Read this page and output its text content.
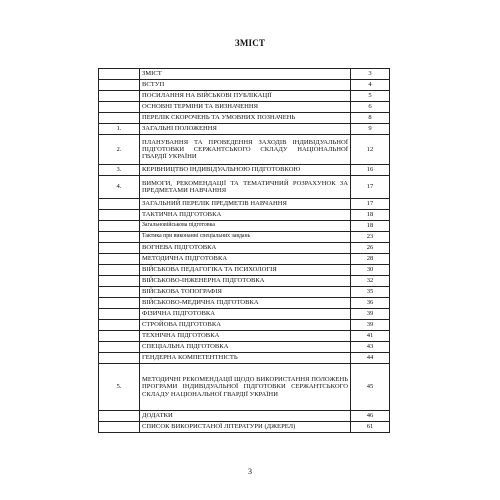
ЗМІСТ
	ЗМІСТ	3
	ВСТУП	4
	ПОСИЛАННЯ НА ВІЙСЬКОВІ ПУБЛІКАЦІЇ	5
	ОСНОВНІ ТЕРМІНИ ТА ВИЗНАЧЕННЯ	6
	ПЕРЕЛІК СКОРОЧЕНЬ ТА УМОВНИХ ПОЗНАЧЕНЬ	8
1.	ЗАГАЛЬНІ ПОЛОЖЕННЯ	9
2.	ПЛАНУВАННЯ ТА ПРОВЕДЕННЯ ЗАХОДІВ ІНДИВІДУАЛЬНОЇ ПІДГОТОВКИ СЕРЖАНТСЬКОГО СКЛАДУ НАЦІОНАЛЬНОЇ ГВАРДІЇ УКРАЇНИ	12
3.	КЕРІВНИЦТВО ІНДИВІДУАЛЬНОЮ ПІДГОТОВКОЮ	16
4.	ВИМОГИ, РЕКОМЕНДАЦІЇ ТА ТЕМАТИЧНИЙ РОЗРАХУНОК ЗА ПРЕДМЕТАМИ НАВЧАННЯ	17
	ЗАГАЛЬНИЙ ПЕРЕЛІК ПРЕДМЕТІВ НАВЧАННЯ	17
	ТАКТИЧНА ПІДГОТОВКА	18
	Загальновійськова підготовка	18
	Тактика при виконанні спеціальних завдань	23
	ВОГНЕВА ПІДГОТОВКА	26
	МЕТОДИЧНА ПІДГОТОВКА	28
	ВІЙСЬКОВА ПЕДАГОГІКА ТА ПСИХОЛОГІЯ	30
	ВІЙСЬКОВО-ІНЖЕНЕРНА ПІДГОТОВКА	32
	ВІЙСЬКОВА ТОПОГРАФІЯ	35
	ВІЙСЬКОВО-МЕДИЧНА ПІДГОТОВКА	36
	ФІЗИЧНА ПІДГОТОВКА	39
	СТРОЙОВА ПІДГОТОВКА	39
	ТЕХНІЧНА ПІДГОТОВКА	41
	СПЕЦІАЛЬНА ПІДГОТОВКА	43
	ГЕНДЕРНА КОМПЕТЕНТНІСТЬ	44
5.	МЕТОДИЧНІ РЕКОМЕНДАЦІЇ ЩОДО ВИКОРИСТАННЯ ПОЛОЖЕНЬ ПРОГРАМИ ІНДИВІДУАЛЬНОЇ ПІДГОТОВКИ СЕРЖАНТСЬКОГО СКЛАДУ НАЦІОНАЛЬНОЇ ГВАРДІЇ УКРАЇНИ	45
	ДОДАТКИ	46
	СПИСОК ВИКОРИСТАНОЇ ЛІТЕРАТУРИ (ДЖЕРЕЛ)	61
3
